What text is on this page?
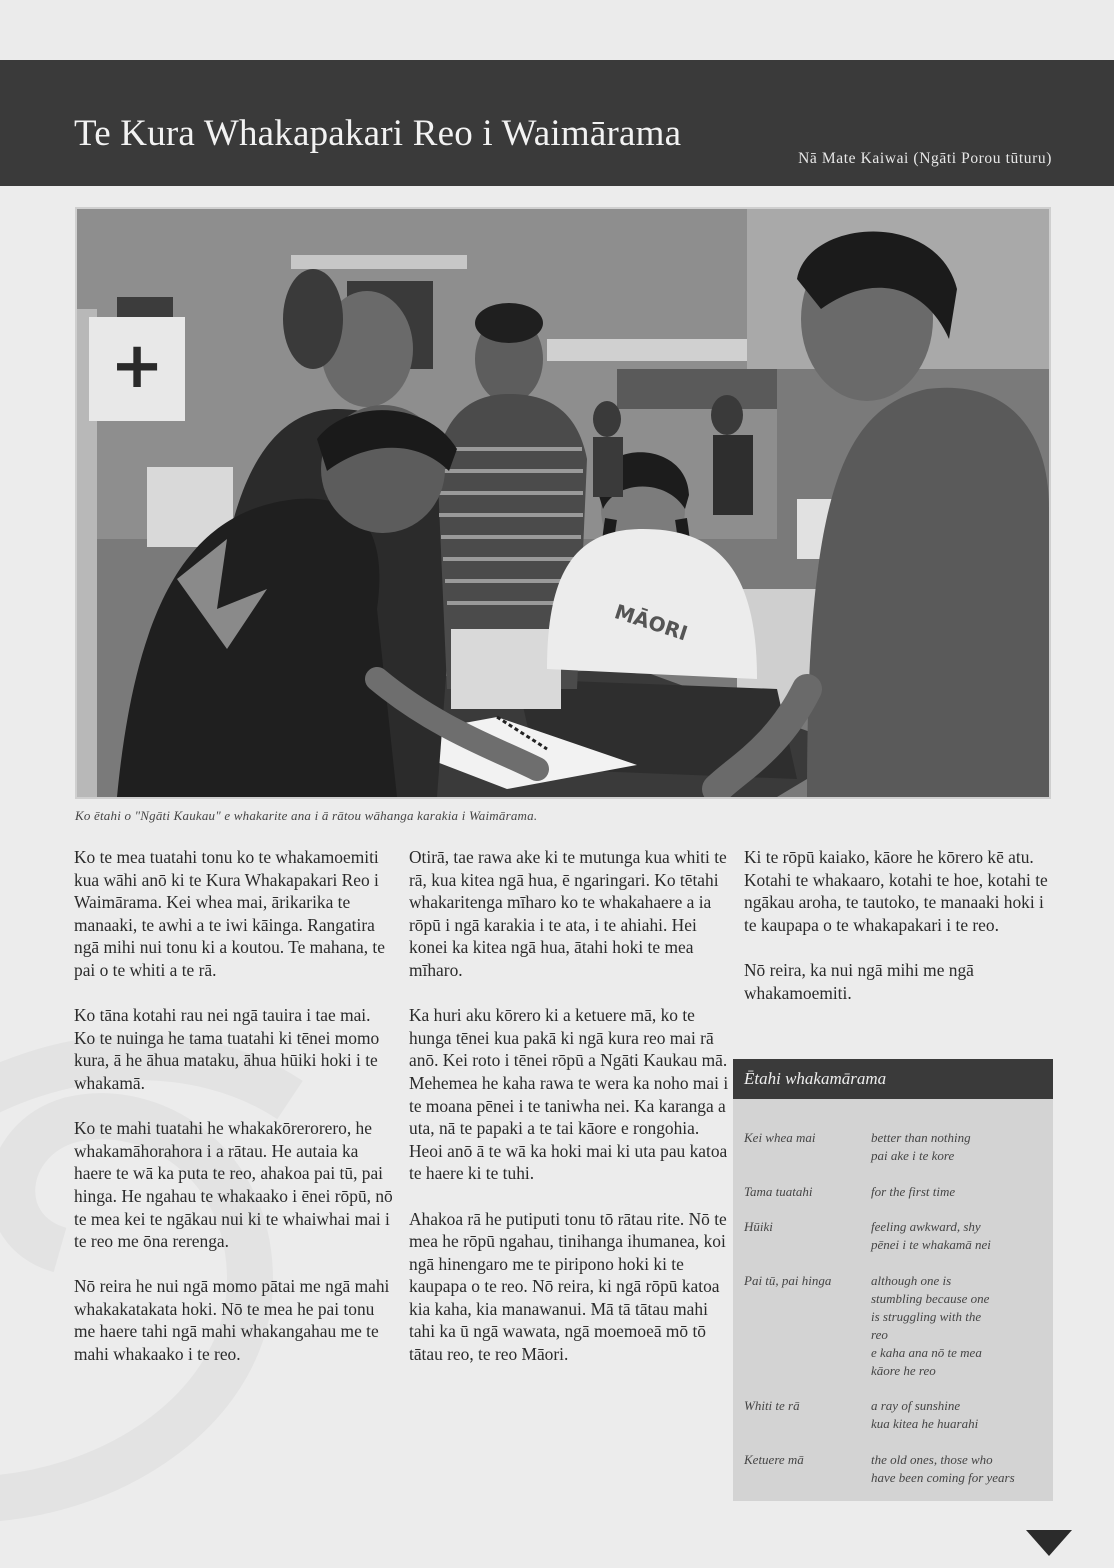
Te Kura Whakapakari Reo i Waimārama
Nā Mate Kaiwai (Ngāti Porou tūturu)
+
MĀORI
Ko ētahi o "Ngāti Kaukau" e whakarite ana i ā rātou wāhanga karakia i Waimārama.

Ko te mea tuatahi tonu ko te whakamoemiti kua wāhi anō ki te Kura Whakapakari Reo i Waimārama. Kei whea mai, ārikarika te manaaki, te awhi a te iwi kāinga. Rangatira ngā mihi nui tonu ki a koutou. Te mahana, te pai o te whiti a te rā.

Ko tāna kotahi rau nei ngā tauira i tae mai. Ko te nuinga he tama tuatahi ki tēnei momo kura, ā he āhua mataku, āhua hūiki hoki i te whakamā.

Ko te mahi tuatahi he whakakōrerorero, he whakamāhorahora i a rātau. He autaia ka haere te wā ka puta te reo, ahakoa pai tū, pai hinga. He ngahau te whakaako i ēnei rōpū, nō te mea kei te ngākau nui ki te whaiwhai mai i te reo me ōna rerenga.

Nō reira he nui ngā momo pātai me ngā mahi whakakatakata hoki. Nō te mea he pai tonu me haere tahi ngā mahi whakangahau me te mahi whakaako i te reo.

Otirā, tae rawa ake ki te mutunga kua whiti te rā, kua kitea ngā hua, ē ngaringari. Ko tētahi whakaritenga mīharo ko te whakahaere a ia rōpū i ngā karakia i te ata, i te ahiahi. Hei konei ka kitea ngā hua, ātahi hoki te mea mīharo.

Ka huri aku kōrero ki a ketuere mā, ko te hunga tēnei kua pakā ki ngā kura reo mai rā anō. Kei roto i tēnei rōpū a Ngāti Kaukau mā. Mehemea he kaha rawa te wera ka noho mai i te moana pēnei i te taniwha nei. Ka karanga a uta, nā te papaki a te tai kāore e rongohia. Heoi anō ā te wā ka hoki mai ki uta pau katoa te haere ki te tuhi.

Ahakoa rā he putiputi tonu tō rātau rite. Nō te mea he rōpū ngahau, tinihanga ihumanea, koi ngā hinengaro me te piripono hoki ki te kaupapa o te reo. Nō reira, ki ngā rōpū katoa kia kaha, kia manawanui. Mā tā tātau mahi tahi ka ū ngā wawata, ngā moemoeā mō tō tātau reo, te reo Māori.

Ki te rōpū kaiako, kāore he kōrero kē atu. Kotahi te whakaaro, kotahi te hoe, kotahi te ngākau aroha, te tautoko, te manaaki hoki i te kaupapa o te whakapakari i te reo.

Nō reira, ka nui ngā mihi me ngā whakamoemiti.

Ētahi whakamārama
Kei whea mai	better than nothing
pai ake i te kore
Tama tuatahi	for the first time
Hūiki	feeling awkward, shy
pēnei i te whakamā nei
Pai tū, pai hinga	although one is
stumbling because one
is struggling with the
reo
e kaha ana nō te mea
kāore he reo
Whiti te rā	a ray of sunshine
kua kitea he huarahi
Ketuere mā	the old ones, those who
have been coming for years
